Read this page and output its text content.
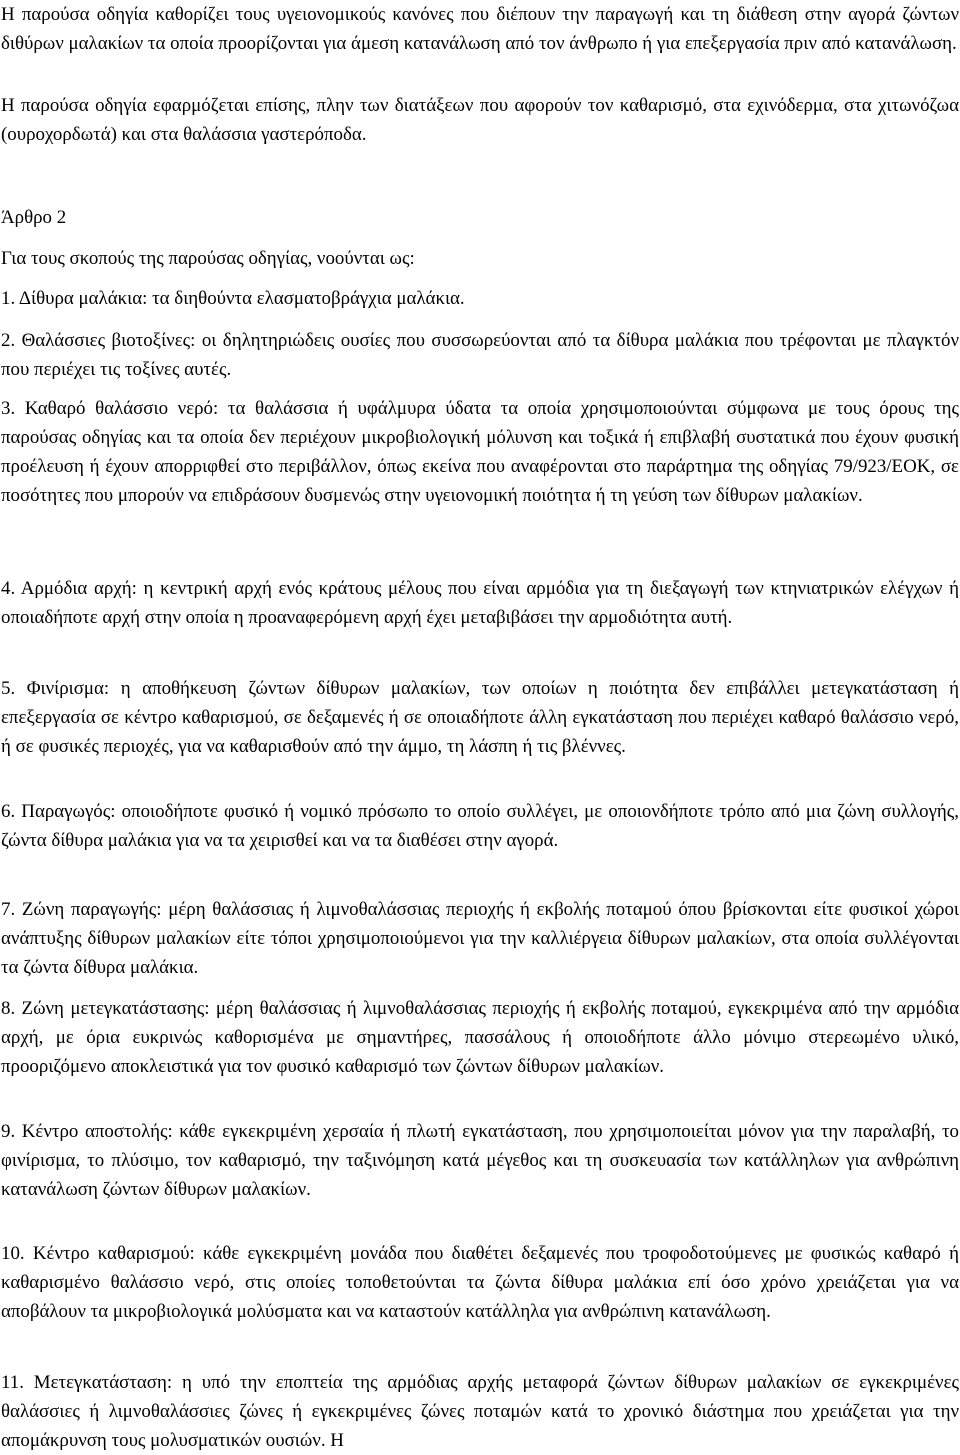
Η παρούσα οδηγία καθορίζει τους υγειονομικούς κανόνες που διέπουν την παραγωγή και τη διάθεση στην αγορά ζώντων διθύρων μαλακίων τα οποία προορίζονται για άμεση κατανάλωση από τον άνθρωπο ή για επεξεργασία πριν από κατανάλωση.

Η παρούσα οδηγία εφαρμόζεται επίσης, πλην των διατάξεων που αφορούν τον καθαρισμό, στα εχινόδερμα, στα χιτωνόζωα (ουροχορδωτά) και στα θαλάσσια γαστερόποδα.

Άρθρο 2

Για τους σκοπούς της παρούσας οδηγίας, νοούνται ως:

1. Δίθυρα μαλάκια: τα διηθούντα ελασματοβράγχια μαλάκια.

2. Θαλάσσιες βιοτοξίνες: οι δηλητηριώδεις ουσίες που συσσωρεύονται από τα δίθυρα μαλάκια που τρέφονται με πλαγκτόν που περιέχει τις τοξίνες αυτές.

3. Καθαρό θαλάσσιο νερό: τα θαλάσσια ή υφάλμυρα ύδατα τα οποία χρησιμοποιούνται σύμφωνα με τους όρους της παρούσας οδηγίας και τα οποία δεν περιέχουν μικροβιολογική μόλυνση και τοξικά ή επιβλαβή συστατικά που έχουν φυσική προέλευση ή έχουν απορριφθεί στο περιβάλλον, όπως εκείνα που αναφέρονται στο παράρτημα της οδηγίας 79/923/ΕΟΚ, σε ποσότητες που μπορούν να επιδράσουν δυσμενώς στην υγειονομική ποιότητα ή τη γεύση των δίθυρων μαλακίων.

4. Αρμόδια αρχή: η κεντρική αρχή ενός κράτους μέλους που είναι αρμόδια για τη διεξαγωγή των κτηνιατρικών ελέγχων ή οποιαδήποτε αρχή στην οποία η προαναφερόμενη αρχή έχει μεταβιβάσει την αρμοδιότητα αυτή.

5. Φινίρισμα: η αποθήκευση ζώντων δίθυρων μαλακίων, των οποίων η ποιότητα δεν επιβάλλει μετεγκατάσταση ή επεξεργασία σε κέντρο καθαρισμού, σε δεξαμενές ή σε οποιαδήποτε άλλη εγκατάσταση που περιέχει καθαρό θαλάσσιο νερό, ή σε φυσικές περιοχές, για να καθαρισθούν από την άμμο, τη λάσπη ή τις βλέννες.

6. Παραγωγός: οποιοδήποτε φυσικό ή νομικό πρόσωπο το οποίο συλλέγει, με οποιονδήποτε τρόπο από μια ζώνη συλλογής, ζώντα δίθυρα μαλάκια για να τα χειρισθεί και να τα διαθέσει στην αγορά.

7. Ζώνη παραγωγής: μέρη θαλάσσιας ή λιμνοθαλάσσιας περιοχής ή εκβολής ποταμού όπου βρίσκονται είτε φυσικοί χώροι ανάπτυξης δίθυρων μαλακίων είτε τόποι χρησιμοποιούμενοι για την καλλιέργεια δίθυρων μαλακίων, στα οποία συλλέγονται τα ζώντα δίθυρα μαλάκια.

8. Ζώνη μετεγκατάστασης: μέρη θαλάσσιας ή λιμνοθαλάσσιας περιοχής ή εκβολής ποταμού, εγκεκριμένα από την αρμόδια αρχή, με όρια ευκρινώς καθορισμένα με σημαντήρες, πασσάλους ή οποιοδήποτε άλλο μόνιμο στερεωμένο υλικό, προοριζόμενο αποκλειστικά για τον φυσικό καθαρισμό των ζώντων δίθυρων μαλακίων.

9. Κέντρο αποστολής: κάθε εγκεκριμένη χερσαία ή πλωτή εγκατάσταση, που χρησιμοποιείται μόνον για την παραλαβή, το φινίρισμα, το πλύσιμο, τον καθαρισμό, την ταξινόμηση κατά μέγεθος και τη συσκευασία των κατάλληλων για ανθρώπινη κατανάλωση ζώντων δίθυρων μαλακίων.

10. Κέντρο καθαρισμού: κάθε εγκεκριμένη μονάδα που διαθέτει δεξαμενές που τροφοδοτούμενες με φυσικώς καθαρό ή καθαρισμένο θαλάσσιο νερό, στις οποίες τοποθετούνται τα ζώντα δίθυρα μαλάκια επί όσο χρόνο χρειάζεται για να αποβάλουν τα μικροβιολογικά μολύσματα και να καταστούν κατάλληλα για ανθρώπινη κατανάλωση.

11. Μετεγκατάσταση: η υπό την εποπτεία της αρμόδιας αρχής μεταφορά ζώντων δίθυρων μαλακίων σε εγκεκριμένες θαλάσσιες ή λιμνοθαλάσσιες ζώνες ή εγκεκριμένες ζώνες ποταμών κατά το χρονικό διάστημα που χρειάζεται για την απομάκρυνση τους μολυσματικών ουσιών. Η
